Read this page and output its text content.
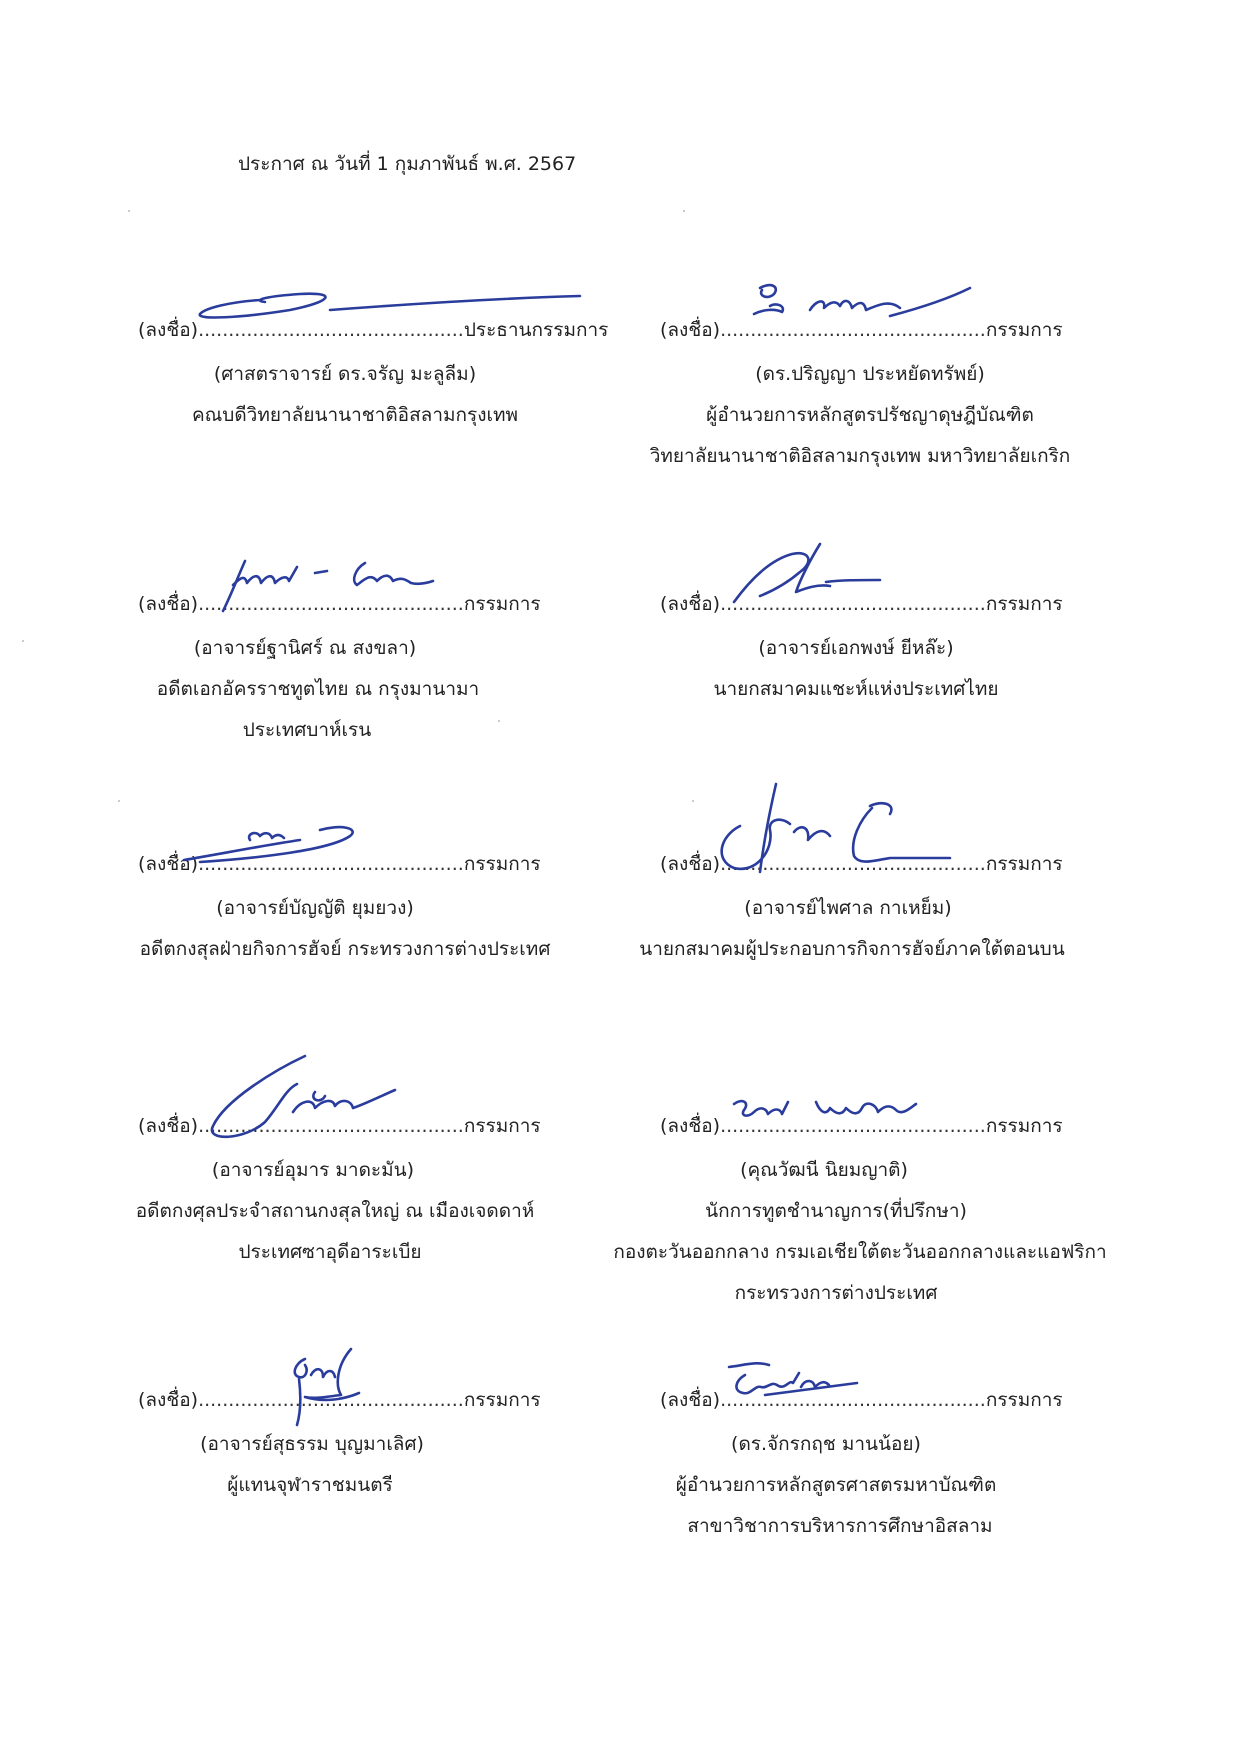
ประกาศ ณ วันที่ 1 กุมภาพันธ์ พ.ศ. 2567
(ลงชื่อ)............................................ประธานกรรมการ
(ศาสตราจารย์ ดร.จรัญ มะลูลีม)
คณบดีวิทยาลัยนานาชาติอิสลามกรุงเทพ
(ลงชื่อ)............................................กรรมการ
(ดร.ปริญญา ประหยัดทรัพย์)
ผู้อำนวยการหลักสูตรปรัชญาดุษฎีบัณฑิต
วิทยาลัยนานาชาติอิสลามกรุงเทพ มหาวิทยาลัยเกริก
(ลงชื่อ)............................................กรรมการ
(อาจารย์ฐานิศร์ ณ สงขลา)
อดีตเอกอัครราชทูตไทย ณ กรุงมานามา
ประเทศบาห์เรน
(ลงชื่อ)............................................กรรมการ
(อาจารย์เอกพงษ์ ยีหล๊ะ)
นายกสมาคมแชะห์แห่งประเทศไทย
(ลงชื่อ)............................................กรรมการ
(อาจารย์บัญญัติ ยุมยวง)
อดีตกงสุลฝ่ายกิจการฮัจย์ กระทรวงการต่างประเทศ
(ลงชื่อ)............................................กรรมการ
(อาจารย์ไพศาล กาเหย็ม)
นายกสมาคมผู้ประกอบการกิจการฮัจย์ภาคใต้ตอนบน
(ลงชื่อ)............................................กรรมการ
(อาจารย์อุมาร มาดะมัน)
อดีตกงศุลประจำสถานกงสุลใหญ่ ณ เมืองเจดดาห์
ประเทศซาอุดีอาระเบีย
(ลงชื่อ)............................................กรรมการ
(คุณวัฒนี นิยมญาติ)
นักการทูตชำนาญการ(ที่ปรึกษา)
กองตะวันออกกลาง กรมเอเชียใต้ตะวันออกกลางและแอฟริกา
กระทรวงการต่างประเทศ
(ลงชื่อ)............................................กรรมการ
(อาจารย์สุธรรม บุญมาเลิศ)
ผู้แทนจุฬาราชมนตรี
(ลงชื่อ)............................................กรรมการ
(ดร.จักรกฤช มานน้อย)
ผู้อำนวยการหลักสูตรศาสตรมหาบัณฑิต
สาขาวิชาการบริหารการศึกษาอิสลาม
